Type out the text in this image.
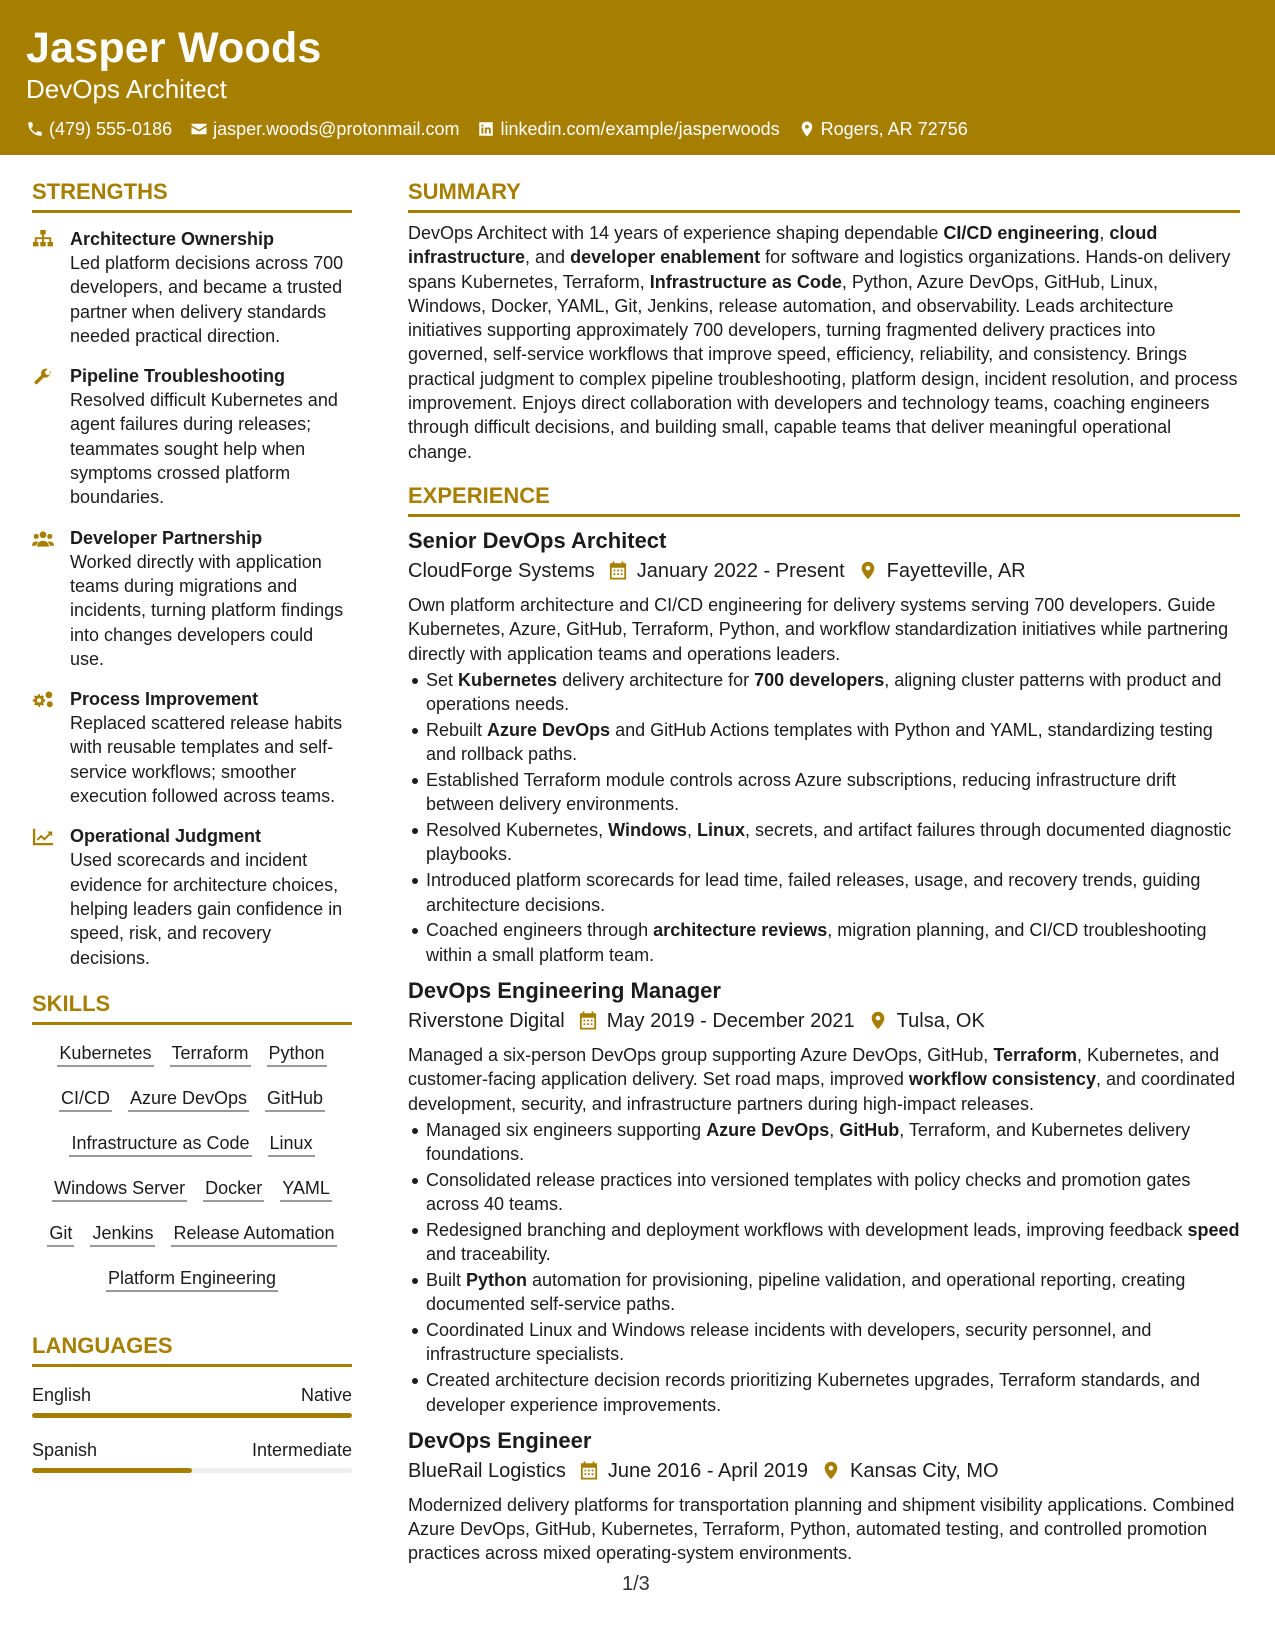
Jasper Woods
DevOps Architect
(479) 555-0186 jasper.woods@protonmail.com linkedin.com/example/jasperwoods Rogers, AR 72756
STRENGTHS
Architecture Ownership
Led platform decisions across 700 developers, and became a trusted partner when delivery standards needed practical direction.
Pipeline Troubleshooting
Resolved difficult Kubernetes and agent failures during releases; teammates sought help when symptoms crossed platform boundaries.
Developer Partnership
Worked directly with application teams during migrations and incidents, turning platform findings into changes developers could use.
Process Improvement
Replaced scattered release habits with reusable templates and self-service workflows; smoother execution followed across teams.
Operational Judgment
Used scorecards and incident evidence for architecture choices, helping leaders gain confidence in speed, risk, and recovery decisions.
SKILLS
Kubernetes Terraform Python
CI/CD Azure DevOps GitHub
Infrastructure as Code Linux
Windows Server Docker YAML
Git Jenkins Release Automation
Platform Engineering
LANGUAGES
English	Native
Spanish	Intermediate
SUMMARY
DevOps Architect with 14 years of experience shaping dependable CI/CD engineering, cloud infrastructure, and developer enablement for software and logistics organizations. Hands-on delivery spans Kubernetes, Terraform, Infrastructure as Code, Python, Azure DevOps, GitHub, Linux, Windows, Docker, YAML, Git, Jenkins, release automation, and observability. Leads architecture initiatives supporting approximately 700 developers, turning fragmented delivery practices into governed, self-service workflows that improve speed, efficiency, reliability, and consistency. Brings practical judgment to complex pipeline troubleshooting, platform design, incident resolution, and process improvement. Enjoys direct collaboration with developers and technology teams, coaching engineers through difficult decisions, and building small, capable teams that deliver meaningful operational change.
EXPERIENCE
Senior DevOps Architect
CloudForge Systems January 2022 - Present Fayetteville, AR
Own platform architecture and CI/CD engineering for delivery systems serving 700 developers. Guide Kubernetes, Azure, GitHub, Terraform, Python, and workflow standardization initiatives while partnering directly with application teams and operations leaders.
Set Kubernetes delivery architecture for 700 developers, aligning cluster patterns with product and operations needs.
Rebuilt Azure DevOps and GitHub Actions templates with Python and YAML, standardizing testing and rollback paths.
Established Terraform module controls across Azure subscriptions, reducing infrastructure drift between delivery environments.
Resolved Kubernetes, Windows, Linux, secrets, and artifact failures through documented diagnostic playbooks.
Introduced platform scorecards for lead time, failed releases, usage, and recovery trends, guiding architecture decisions.
Coached engineers through architecture reviews, migration planning, and CI/CD troubleshooting within a small platform team.
DevOps Engineering Manager
Riverstone Digital May 2019 - December 2021 Tulsa, OK
Managed a six-person DevOps group supporting Azure DevOps, GitHub, Terraform, Kubernetes, and customer-facing application delivery. Set road maps, improved workflow consistency, and coordinated development, security, and infrastructure partners during high-impact releases.
Managed six engineers supporting Azure DevOps, GitHub, Terraform, and Kubernetes delivery foundations.
Consolidated release practices into versioned templates with policy checks and promotion gates across 40 teams.
Redesigned branching and deployment workflows with development leads, improving feedback speed and traceability.
Built Python automation for provisioning, pipeline validation, and operational reporting, creating documented self-service paths.
Coordinated Linux and Windows release incidents with developers, security personnel, and infrastructure specialists.
Created architecture decision records prioritizing Kubernetes upgrades, Terraform standards, and developer experience improvements.
DevOps Engineer
BlueRail Logistics June 2016 - April 2019 Kansas City, MO
Modernized delivery platforms for transportation planning and shipment visibility applications. Combined Azure DevOps, GitHub, Kubernetes, Terraform, Python, automated testing, and controlled promotion practices across mixed operating-system environments.
1/3
